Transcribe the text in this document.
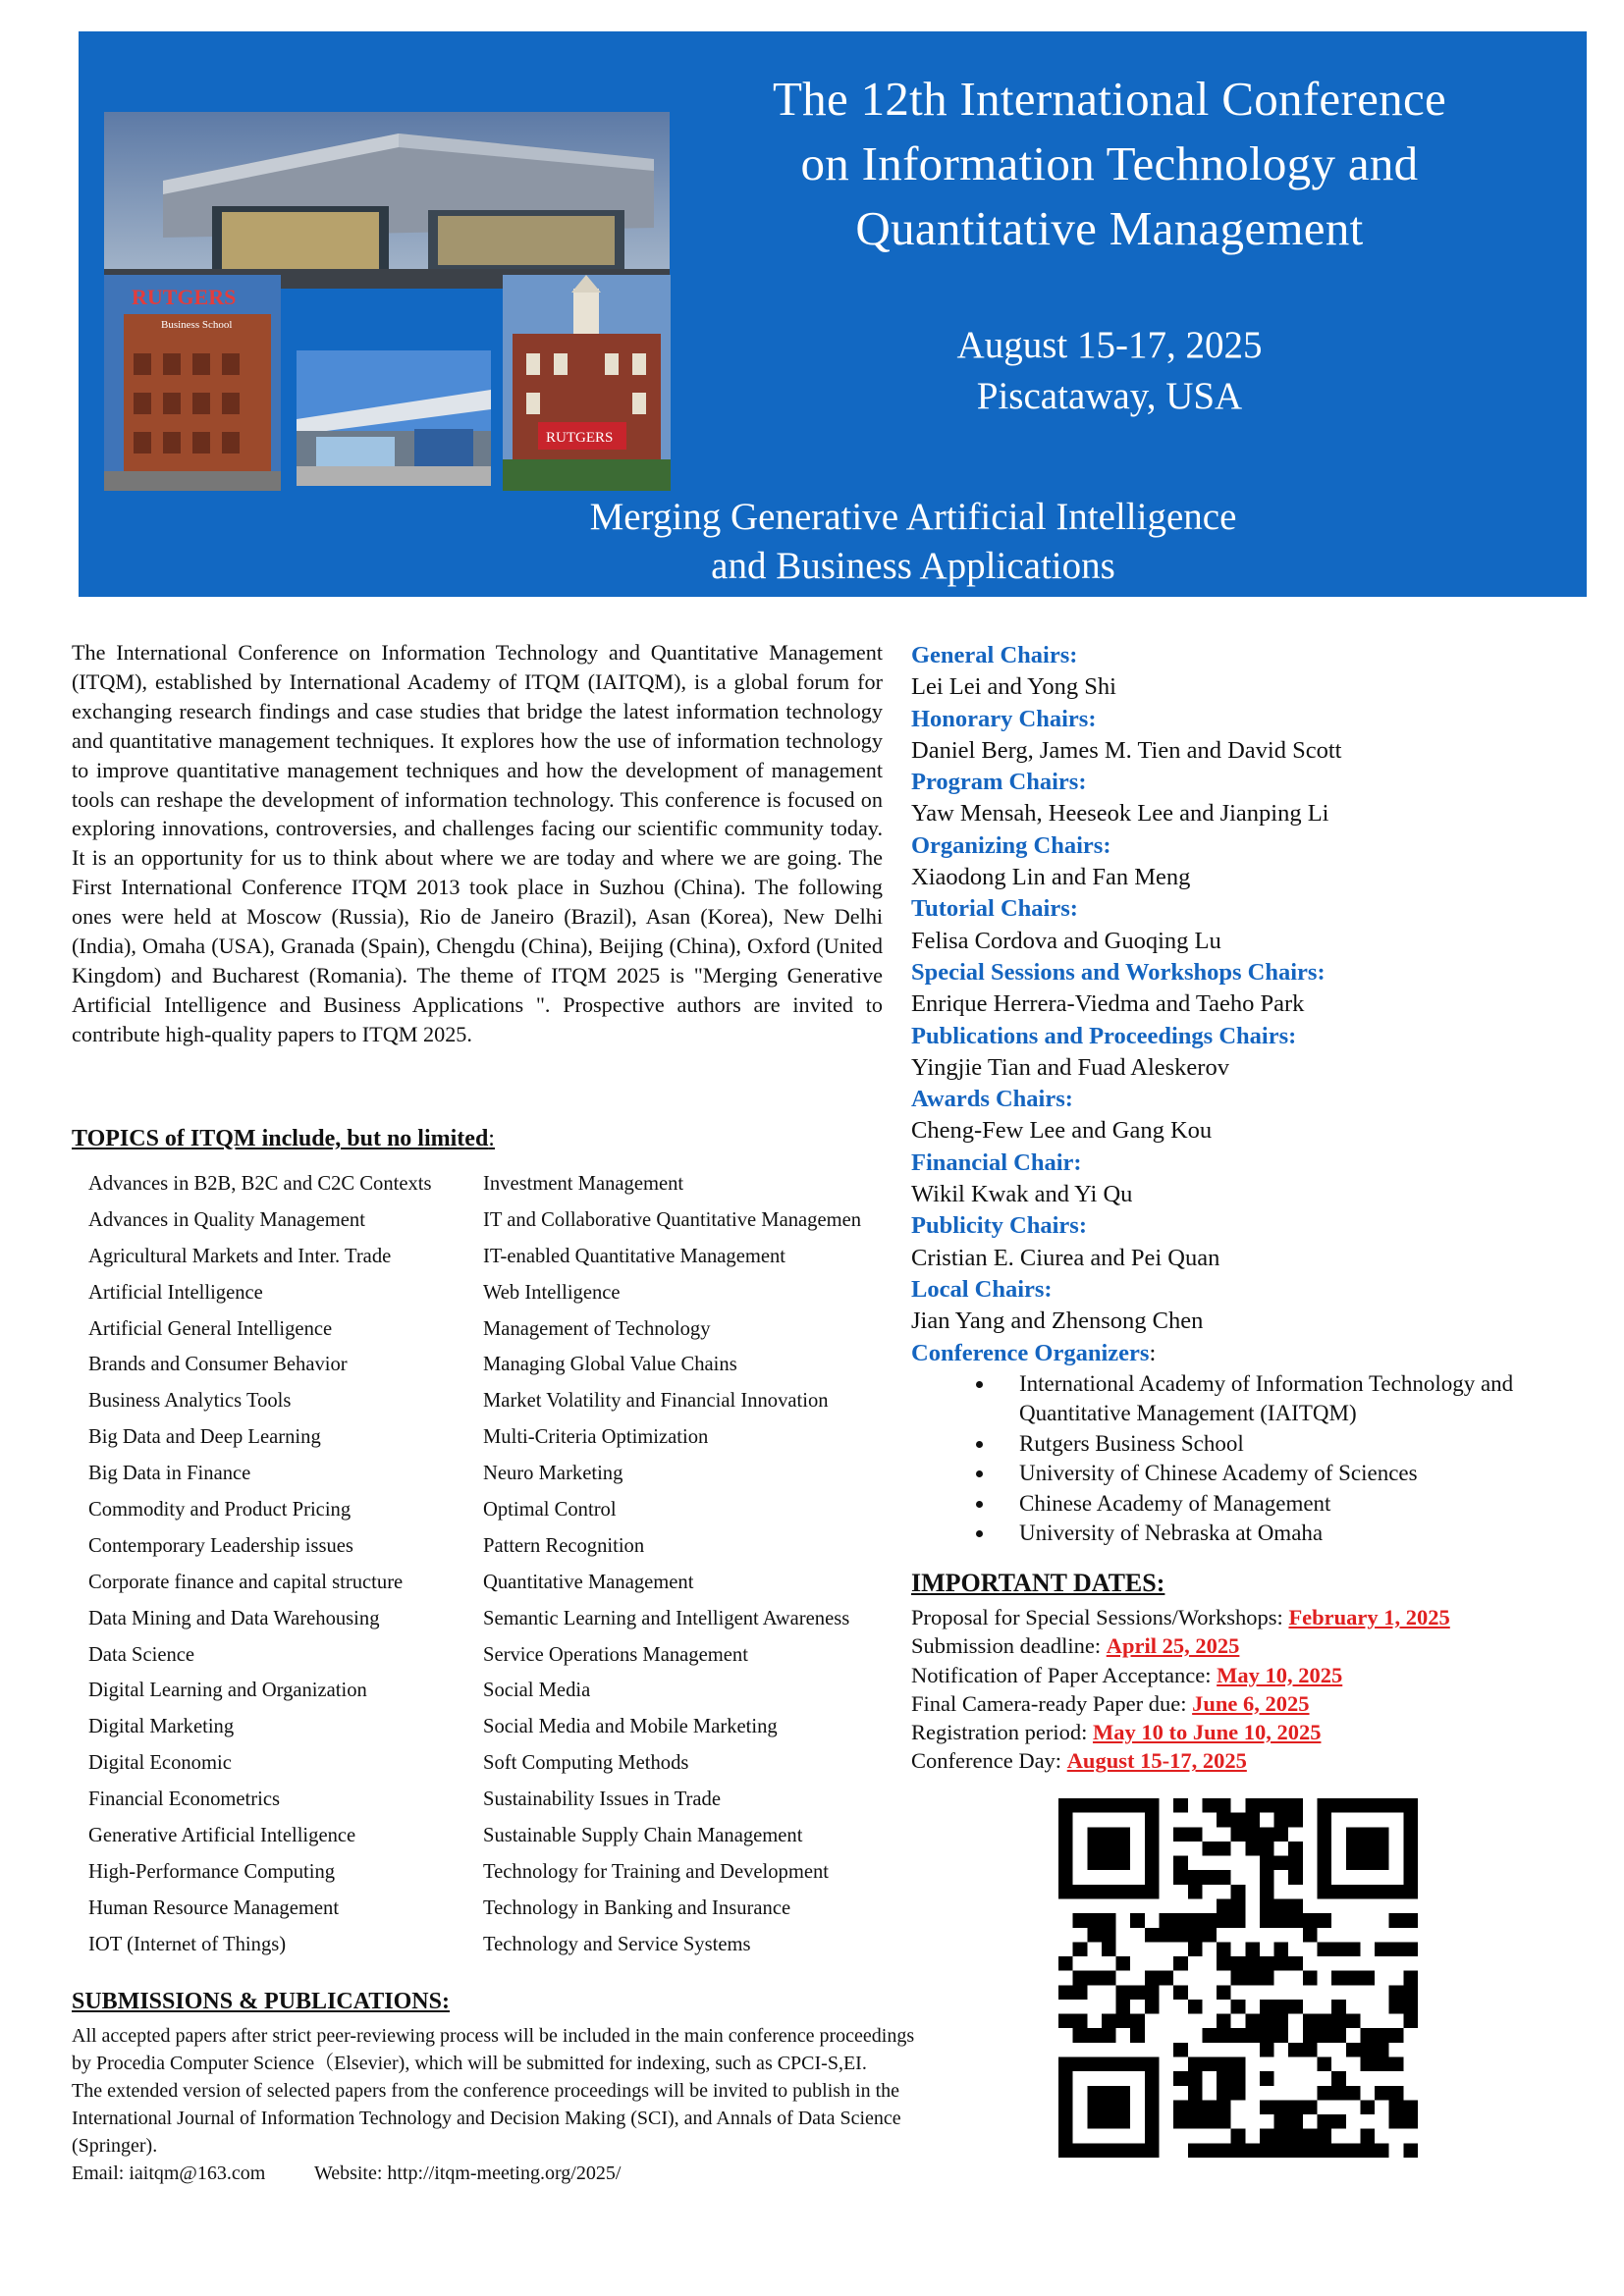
RUTGERS
Business School
RUTGERS
The 12th International Conference
on Information Technology and
Quantitative Management
August 15-17, 2025
Piscataway, USA
Merging Generative Artificial Intelligence
and Business Applications

The International Conference on Information Technology and Quantitative Management (ITQM), established by International Academy of ITQM (IAITQM), is a global forum for exchanging research findings and case studies that bridge the latest information technology and quantitative management techniques. It explores how the use of information technology to improve quantitative management techniques and how the development of management tools can reshape the development of information technology. This conference is focused on exploring innovations, controversies, and challenges facing our scientific community today. It is an opportunity for us to think about where we are today and where we are going. The First International Conference ITQM 2013 took place in Suzhou (China). The following ones were held at Moscow (Russia), Rio de Janeiro (Brazil), Asan (Korea), New Delhi (India), Omaha (USA), Granada (Spain), Chengdu (China), Beijing (China), Oxford (United Kingdom) and Bucharest (Romania). The theme of ITQM 2025 is "Merging Generative Artificial Intelligence and Business Applications ". Prospective authors are invited to contribute high-quality papers to ITQM 2025.

TOPICS of ITQM include, but no limited:
Advances in B2B, B2C and C2C Contexts
Advances in Quality Management
Agricultural Markets and Inter. Trade
Artificial Intelligence
Artificial General Intelligence
Brands and Consumer Behavior
Business Analytics Tools
Big Data and Deep Learning
Big Data in Finance
Commodity and Product Pricing
Contemporary Leadership issues
Corporate finance and capital structure
Data Mining and Data Warehousing
Data Science
Digital Learning and Organization
Digital Marketing
Digital Economic
Financial Econometrics
Generative Artificial Intelligence
High-Performance Computing
Human Resource Management
IOT (Internet of Things)
Investment Management
IT and Collaborative Quantitative Managemen
IT-enabled Quantitative Management
Web Intelligence
Management of Technology
Managing Global Value Chains
Market Volatility and Financial Innovation
Multi-Criteria Optimization
Neuro Marketing
Optimal Control
Pattern Recognition
Quantitative Management
Semantic Learning and Intelligent Awareness
Service Operations Management
Social Media
Social Media and Mobile Marketing
Soft Computing Methods
Sustainability Issues in Trade
Sustainable Supply Chain Management
Technology for Training and Development
Technology in Banking and Insurance
Technology and Service Systems
SUBMISSIONS & PUBLICATIONS:

All accepted papers after strict peer-reviewing process will be included in the main conference proceedings by Procedia Computer Science（Elsevier), which will be submitted for indexing, such as CPCI-S,EI.

The extended version of selected papers from the conference proceedings will be invited to publish in the International Journal of Information Technology and Decision Making (SCI), and Annals of Data Science (Springer).

Email: iaitqm@163.com Website: http://itqm-meeting.org/2025/

General Chairs:
Lei Lei and Yong Shi
Honorary Chairs:
Daniel Berg, James M. Tien and David Scott
Program Chairs:
Yaw Mensah, Heeseok Lee and Jianping Li
Organizing Chairs:
Xiaodong Lin and Fan Meng
Tutorial Chairs:
Felisa Cordova and Guoqing Lu
Special Sessions and Workshops Chairs:
Enrique Herrera-Viedma and Taeho Park
Publications and Proceedings Chairs:
Yingjie Tian and Fuad Aleskerov
Awards Chairs:
Cheng-Few Lee and Gang Kou
Financial Chair:
Wikil Kwak and Yi Qu
Publicity Chairs:
Cristian E. Ciurea and Pei Quan
Local Chairs:
Jian Yang and Zhensong Chen
Conference Organizers:
International Academy of Information Technology and Quantitative Management (IAITQM)
Rutgers Business School
University of Chinese Academy of Sciences
Chinese Academy of Management
University of Nebraska at Omaha
IMPORTANT DATES:
Proposal for Special Sessions/Workshops: February 1, 2025
Submission deadline: April 25, 2025
Notification of Paper Acceptance: May 10, 2025
Final Camera-ready Paper due: June 6, 2025
Registration period: May 10 to June 10, 2025
Conference Day: August 15-17, 2025
